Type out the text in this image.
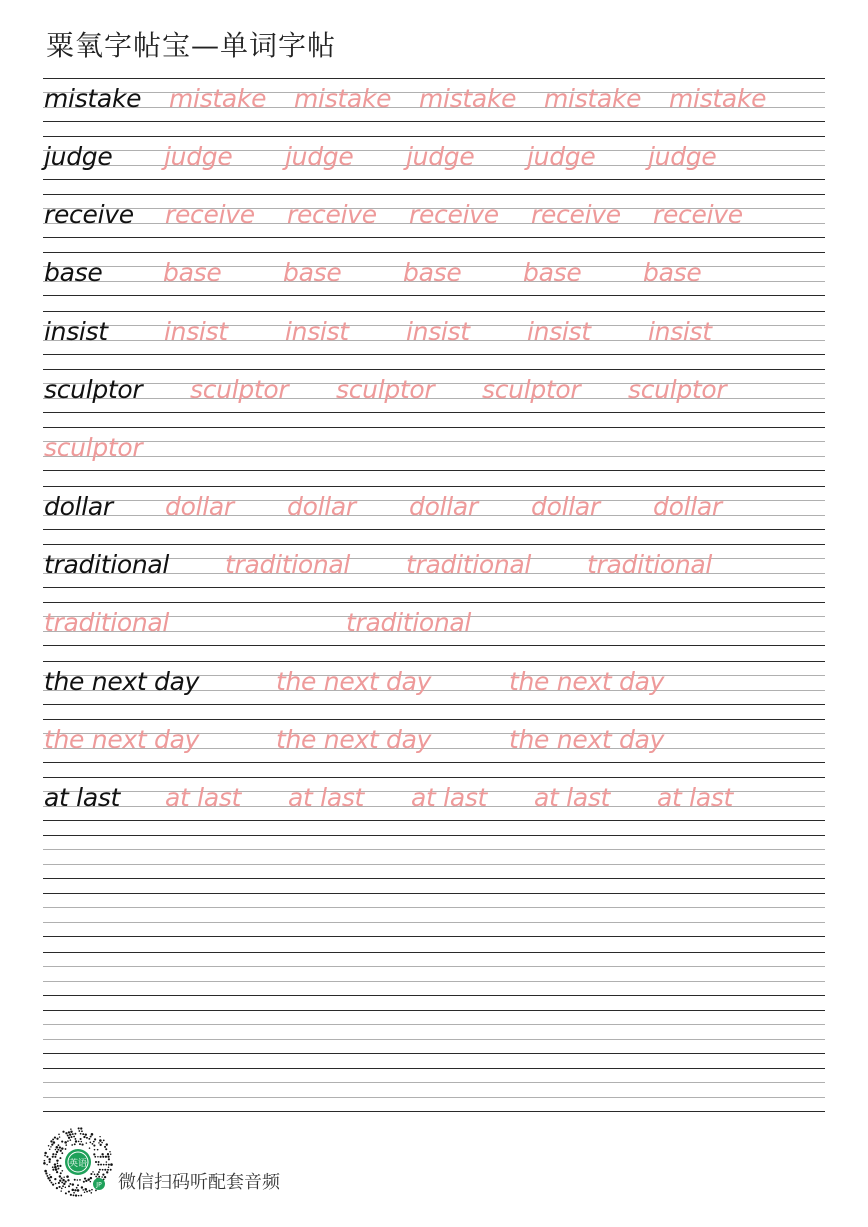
粟氧字帖宝—单词字帖
mistake mistake mistake mistake mistake mistake
judge judge judge judge judge judge
receive receive receive receive receive receive
base base base base base base
insist insist insist insist insist insist
sculptor sculptor sculptor sculptor sculptor
sculptor
dollar dollar dollar dollar dollar dollar
traditional traditional traditional traditional
traditional	traditional
the next day	the next day	the next day
the next day	the next day	the next day
at last at last at last at last at last at last
英语
JP 微信扫码听配套音频
